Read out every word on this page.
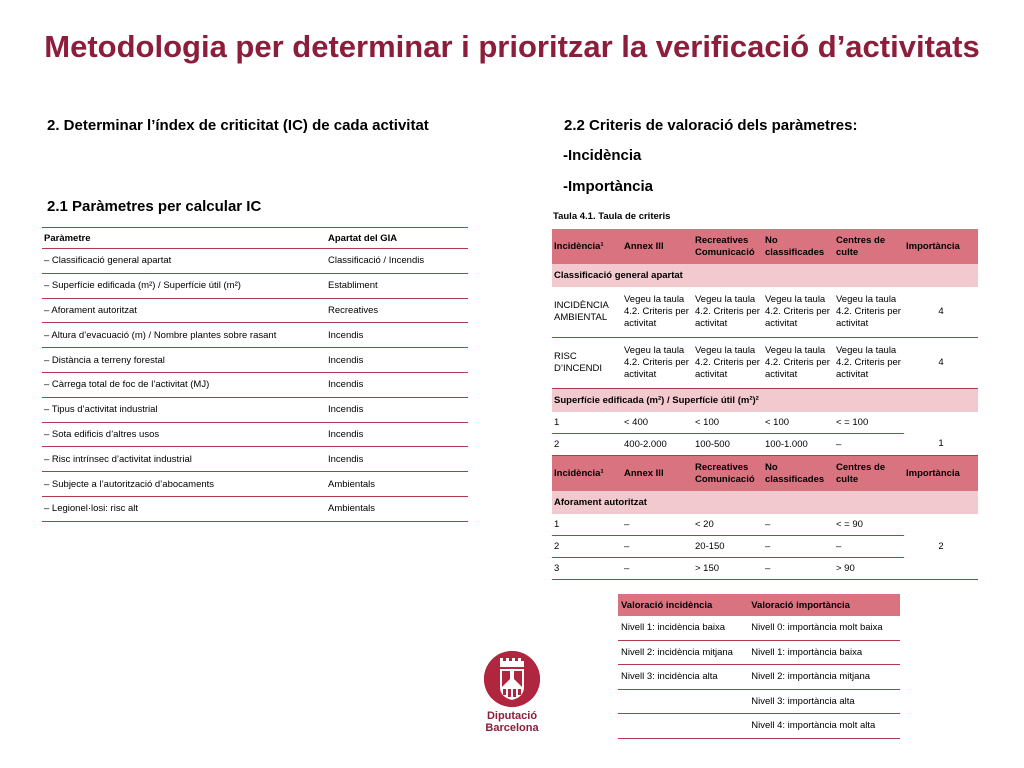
Metodologia per determinar i prioritzar la verificació d’activitats
2. Determinar l’índex de criticitat (IC) de cada activitat
2.1 Paràmetres per calcular IC
2.2 Criteris de valoració dels paràmetres:
-Incidència
-Importància
Paràmetre	Apartat del GIA
– Classificació general apartat	Classificació / Incendis
– Superfície edificada (m²) / Superfície útil (m²)	Establiment
– Aforament autoritzat	Recreatives
– Altura d’evacuació (m) / Nombre plantes sobre rasant	Incendis
– Distància a terreny forestal	Incendis
– Càrrega total de foc de l’activitat (MJ)	Incendis
– Tipus d’activitat industrial	Incendis
– Sota edificis d’altres usos	Incendis
– Risc intrínsec d’activitat industrial	Incendis
– Subjecte a l’autorització d’abocaments	Ambientals
– Legionel·losi: risc alt	Ambientals
Taula 4.1. Taula de criteris
Incidència¹	Annex III	Recreatives Comunicació	No classificades	Centres de culte	Importància
Classificació general apartat					
INCIDÈNCIA AMBIENTAL	Vegeu la taula 4.2. Criteris per activitat	Vegeu la taula 4.2. Criteris per activitat	Vegeu la taula 4.2. Criteris per activitat	Vegeu la taula 4.2. Criteris per activitat	4
RISC D’INCENDI	Vegeu la taula 4.2. Criteris per activitat	Vegeu la taula 4.2. Criteris per activitat	Vegeu la taula 4.2. Criteris per activitat	Vegeu la taula 4.2. Criteris per activitat	4
Superfície edificada (m²) / Superfície útil (m²)²					
1	< 400	< 100	< 100	< = 100	
2	400-2.000	100-500	100-1.000	–	1
Incidència¹	Annex III	Recreatives Comunicació	No classificades	Centres de culte	Importància
Aforament autoritzat					
1	–	< 20	–	< = 90	2
2	–	20-150	–	–	
3	–	> 150	–	> 90	
Valoració incidència	Valoració importància
Nivell 1: incidència baixa	Nivell 0: importància molt baixa
Nivell 2: incidència mitjana	Nivell 1: importància baixa
Nivell 3: incidència alta	Nivell 2: importància mitjana
	Nivell 3: importància alta
	Nivell 4: importància molt alta
Diputació
Barcelona
